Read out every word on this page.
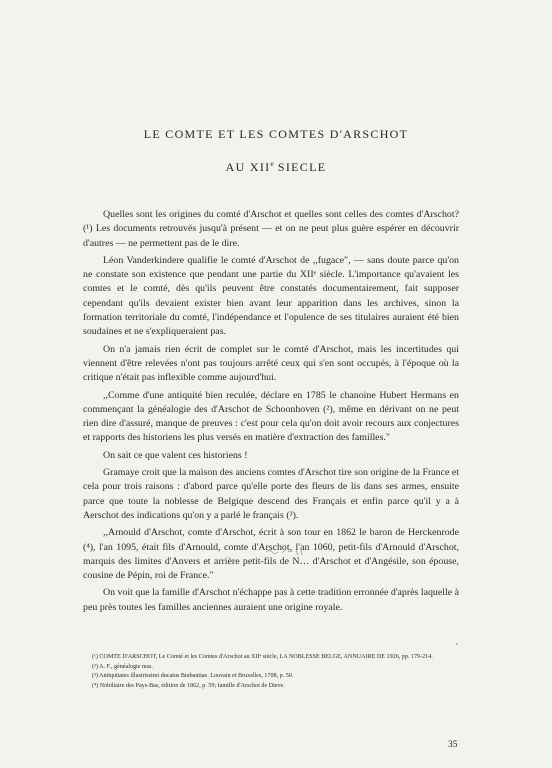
LE COMTE ET LES COMTES D'ARSCHOT
AU XIIe SIECLE

Quelles sont les origines du comté d'Arschot et quelles sont celles des comtes d'Arschot? (¹) Les documents retrouvés jusqu'à présent — et on ne peut plus guère espérer en découvrir d'autres — ne permettent pas de le dire.

Léon Vanderkindere qualifie le comté d'Arschot de ,,fugace", — sans doute parce qu'on ne constate son existence que pendant une partie du XIIᵉ siècle. L'importance qu'avaient les comtes et le comté, dès qu'ils peuvent être constatés documentairement, fait supposer cependant qu'ils devaient exister bien avant leur apparition dans les archives, sinon la formation territoriale du comté, l'indépendance et l'opulence de ses titulaires auraient été bien soudaines et ne s'expliqueraient pas.

On n'a jamais rien écrit de complet sur le comté d'Arschot, mais les incertitudes qui viennent d'être relevées n'ont pas toujours arrêté ceux qui s'en sont occupés, à l'époque où la critique n'était pas inflexible comme aujourd'hui.

,,Comme d'une antiquité bien reculée, déclare en 1785 le chanoine Hubert Hermans en commençant la généalogie des d'Arschot de Schoonhoven (²), même en dérivant on ne peut rien dire d'assuré, manque de preuves : c'est pour cela qu'on doit avoir recours aux conjectures et rapports des historiens les plus versés en matière d'extraction des familles."

On sait ce que valent ces historiens !

Gramaye croit que la maison des anciens comtes d'Arschot tire son origine de la France et cela pour trois raisons : d'abord parce qu'elle porte des fleurs de lis dans ses armes, ensuite parce que toute la noblesse de Belgique descend des Français et enfin parce qu'il y a à Aerschot des indications qu'on y a parlé le français (³).

,,Arnould d'Arschot, comte d'Arschot, écrit à son tour en 1862 le baron de Herckenrode (⁴), l'an 1095, était fils d'Arnould, comte d'Arschot, l'an 1060, petit-fils d'Arnould d'Arschot, marquis des limites d'Anvers et arrière petit-fils de N… d'Arschot et d'Angésile, son épouse, cousine de Pépin, roi de France."

On voit que la famille d'Arschot n'échappe pas à cette tradition erronnée d'après laquelle à peu près toutes les familles anciennes auraient une origine royale.

(¹) COMTE D'ARSCHOT, Le Comté et les Comtes d'Arschot au XIIᵉ siècle, LA NOBLESSE BELGE, ANNUAIRE DE 1926, pp. 179-214.

(²) A. F., généalogie mss.

(³) Antiquitates illustrissimi ducatus Brabantiae. Louvain et Bruxelles, 1708, p. 50.

(⁴) Nobiliaire des Pays-Bas, édition de 1862, p. 59; famille d'Arschot de Dieve.

35
